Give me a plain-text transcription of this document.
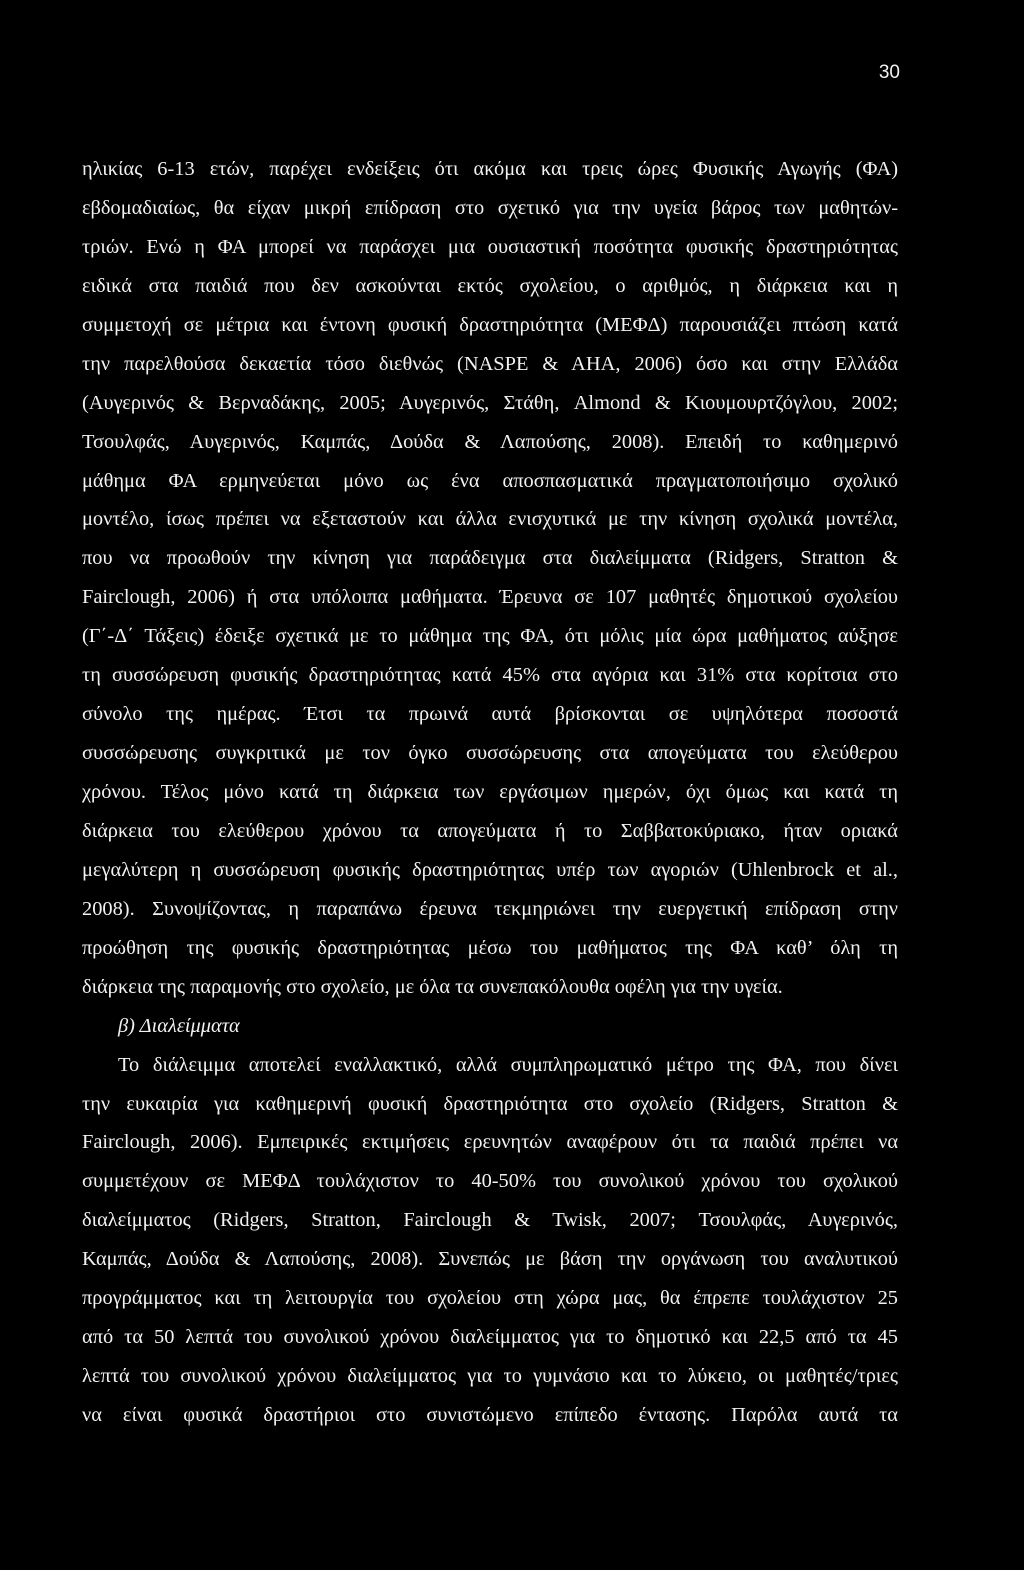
30
ηλικίας 6-13 ετών, παρέχει ενδείξεις ότι ακόμα και τρεις ώρες Φυσικής Αγωγής (ΦΑ)
εβδομαδιαίως, θα είχαν μικρή επίδραση στο σχετικό για την υγεία βάρος των μαθητών-
τριών. Ενώ η ΦΑ μπορεί να παράσχει μια ουσιαστική ποσότητα φυσικής δραστηριότητας
ειδικά στα παιδιά που δεν ασκούνται εκτός σχολείου, ο αριθμός, η διάρκεια και η
συμμετοχή σε μέτρια και έντονη φυσική δραστηριότητα (ΜΕΦΔ) παρουσιάζει πτώση κατά
την παρελθούσα δεκαετία τόσο διεθνώς (NASPE & AHA, 2006) όσο και στην Ελλάδα
(Αυγερινός & Βερναδάκης, 2005; Αυγερινός, Στάθη, Almond & Κιουμουρτζόγλου, 2002;
Τσουλφάς, Αυγερινός, Καμπάς, Δούδα & Λαπούσης, 2008). Επειδή το καθημερινό
μάθημα ΦΑ ερμηνεύεται μόνο ως ένα αποσπασματικά πραγματοποιήσιμο σχολικό
μοντέλο, ίσως πρέπει να εξεταστούν και άλλα ενισχυτικά με την κίνηση σχολικά μοντέλα,
που να προωθούν την κίνηση για παράδειγμα στα διαλείμματα (Ridgers, Stratton &
Fairclough, 2006) ή στα υπόλοιπα μαθήματα. Έρευνα σε 107 μαθητές δημοτικού σχολείου
(Γ΄-Δ΄ Τάξεις) έδειξε σχετικά με το μάθημα της ΦΑ, ότι μόλις μία ώρα μαθήματος αύξησε
τη συσσώρευση φυσικής δραστηριότητας κατά 45% στα αγόρια και 31% στα κορίτσια στο
σύνολο της ημέρας. Έτσι τα πρωινά αυτά βρίσκονται σε υψηλότερα ποσοστά
συσσώρευσης συγκριτικά με τον όγκο συσσώρευσης στα απογεύματα του ελεύθερου
χρόνου. Τέλος μόνο κατά τη διάρκεια των εργάσιμων ημερών, όχι όμως και κατά τη
διάρκεια του ελεύθερου χρόνου τα απογεύματα ή το Σαββατοκύριακο, ήταν οριακά
μεγαλύτερη η συσσώρευση φυσικής δραστηριότητας υπέρ των αγοριών (Uhlenbrock et al.,
2008). Συνοψίζοντας, η παραπάνω έρευνα τεκμηριώνει την ευεργετική επίδραση στην
προώθηση της φυσικής δραστηριότητας μέσω του μαθήματος της ΦΑ καθ’ όλη τη
διάρκεια της παραμονής στο σχολείο, με όλα τα συνεπακόλουθα οφέλη για την υγεία.
β) Διαλείμματα
Το διάλειμμα αποτελεί εναλλακτικό, αλλά συμπληρωματικό μέτρο της ΦΑ, που δίνει
την ευκαιρία για καθημερινή φυσική δραστηριότητα στο σχολείο (Ridgers, Stratton &
Fairclough, 2006). Εμπειρικές εκτιμήσεις ερευνητών αναφέρουν ότι τα παιδιά πρέπει να
συμμετέχουν σε ΜΕΦΔ τουλάχιστον το 40-50% του συνολικού χρόνου του σχολικού
διαλείμματος (Ridgers, Stratton, Fairclough & Twisk, 2007; Τσουλφάς, Αυγερινός,
Καμπάς, Δούδα & Λαπούσης, 2008). Συνεπώς με βάση την οργάνωση του αναλυτικού
προγράμματος και τη λειτουργία του σχολείου στη χώρα μας, θα έπρεπε τουλάχιστον 25
από τα 50 λεπτά του συνολικού χρόνου διαλείμματος για το δημοτικό και 22,5 από τα 45
λεπτά του συνολικού χρόνου διαλείμματος για το γυμνάσιο και το λύκειο, οι μαθητές/τριες
να είναι φυσικά δραστήριοι στο συνιστώμενο επίπεδο έντασης. Παρόλα αυτά τα
